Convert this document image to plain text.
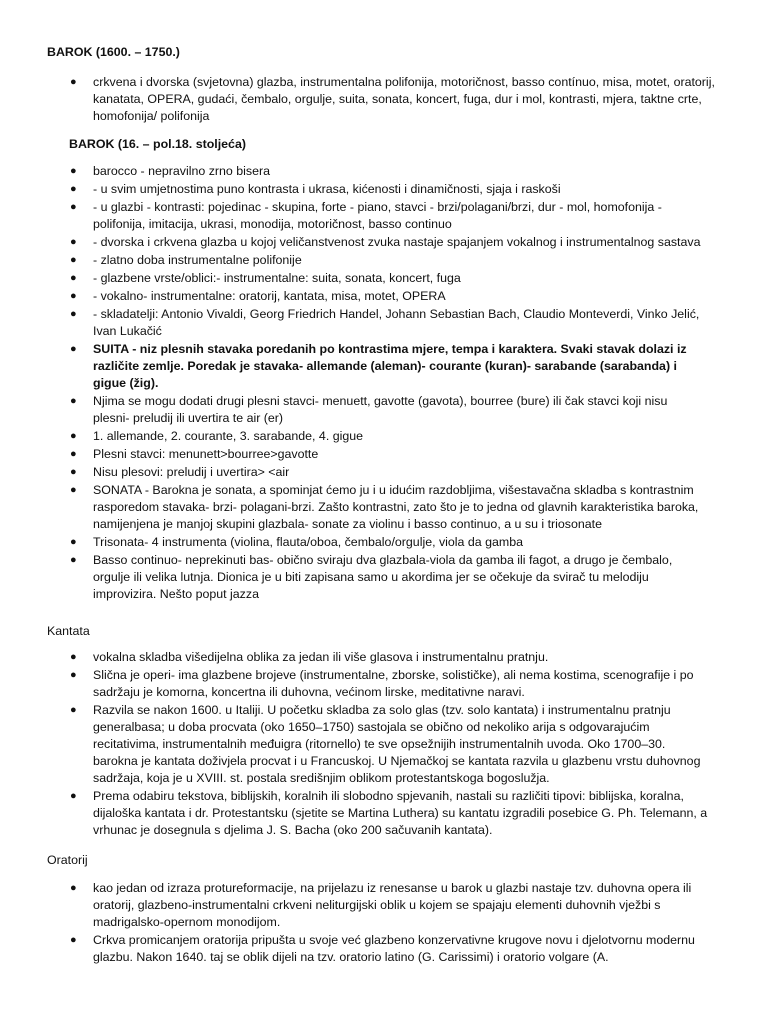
BAROK (1600. – 1750.)
● crkvena i dvorska (svjetovna) glazba, instrumentalna polifonija, motoričnost, basso contínuo, misa, motet, oratorij, kanatata, OPERA, gudaći, čembalo, orgulje, suita, sonata, koncert, fuga, dur i mol, kontrasti, mjera, taktne crte, homofonija/ polifonija
BAROK (16. – pol.18. stoljeća)
● barocco - nepravilno zrno bisera
● - u svim umjetnostima puno kontrasta i ukrasa, kićenosti i dinamičnosti, sjaja i raskoši
● - u glazbi - kontrasti: pojedinac - skupina, forte - piano, stavci - brzi/polagani/brzi, dur - mol, homofonija - polifonija, imitacija, ukrasi, monodija, motoričnost, basso continuo
● - dvorska i crkvena glazba u kojoj veličanstvenost zvuka nastaje spajanjem vokalnog i instrumentalnog sastava
● - zlatno doba instrumentalne polifonije
● - glazbene vrste/oblici:- instrumentalne: suita, sonata, koncert, fuga
● - vokalno- instrumentalne: oratorij, kantata, misa, motet, OPERA
● - skladatelji: Antonio Vivaldi, Georg Friedrich Handel, Johann Sebastian Bach, Claudio Monteverdi, Vinko Jelić, Ivan Lukačić
● SUITA - niz plesnih stavaka poredanih po kontrastima mjere, tempa i karaktera. Svaki stavak dolazi iz različite zemlje. Poredak je stavaka- allemande (aleman)- courante (kuran)- sarabande (sarabanda) i gigue (žig).
● Njima se mogu dodati drugi plesni stavci- menuett, gavotte (gavota), bourree (bure) ili čak stavci koji nisu plesni- preludij ili uvertira te air (er)
● 1. allemande, 2. courante, 3. sarabande, 4. gigue
● Plesni stavci: menunett>bourree>gavotte
● Nisu plesovi: preludij i uvertira> <air
● SONATA - Barokna je sonata, a spominjat ćemo ju i u idućim razdobljima, višestavačna skladba s kontrastnim rasporedom stavaka- brzi- polagani-brzi. Zašto kontrastni, zato što je to jedna od glavnih karakteristika baroka, namijenjena je manjoj skupini glazbala- sonate za violinu i basso continuo, a u su i triosonate
● Trisonata- 4 instrumenta (violina, flauta/oboa, čembalo/orgulje, viola da gamba
● Basso continuo- neprekinuti bas- obično sviraju dva glazbala-viola da gamba ili fagot, a drugo je čembalo, orgulje ili velika lutnja. Dionica je u biti zapisana samo u akordima jer se očekuje da svirač tu melodiju improvizira. Nešto poput jazza
Kantata
● vokalna skladba višedijelna oblika za jedan ili više glasova i instrumentalnu pratnju.
● Slična je operi- ima glazbene brojeve (instrumentalne, zborske, solističke), ali nema kostima, scenografije i po sadržaju je komorna, koncertna ili duhovna, većinom lirske, meditativne naravi.
● Razvila se nakon 1600. u Italiji. U početku skladba za solo glas (tzv. solo kantata) i instrumentalnu pratnju generalbasa; u doba procvata (oko 1650–1750) sastojala se obično od nekoliko arija s odgovarajućim recitativima, instrumentalnih međuigra (ritornello) te sve opsežnijih instrumentalnih uvoda. Oko 1700–30. barokna je kantata doživjela procvat i u Francuskoj. U Njemačkoj se kantata razvila u glazbenu vrstu duhovnog sadržaja, koja je u XVIII. st. postala središnjim oblikom protestantskoga bogoslužja.
● Prema odabiru tekstova, biblijskih, koralnih ili slobodno spjevanih, nastali su različiti tipovi: biblijska, koralna, dijaloška kantata i dr. Protestantsku (sjetite se Martina Luthera) su kantatu izgradili posebice G. Ph. Telemann, a vrhunac je dosegnula s djelima J. S. Bacha (oko 200 sačuvanih kantata).
Oratorij
● kao jedan od izraza protureformacije, na prijelazu iz renesanse u barok u glazbi nastaje tzv. duhovna opera ili oratorij, glazbeno-instrumentalni crkveni neliturgijski oblik u kojem se spajaju elementi duhovnih vježbi s madrigalsko-opernom monodijom.
● Crkva promicanjem oratorija pripušta u svoje već glazbeno konzervativne krugove novu i djelotvornu modernu glazbu. Nakon 1640. taj se oblik dijeli na tzv. oratorio latino (G. Carissimi) i oratorio volgare (A.
